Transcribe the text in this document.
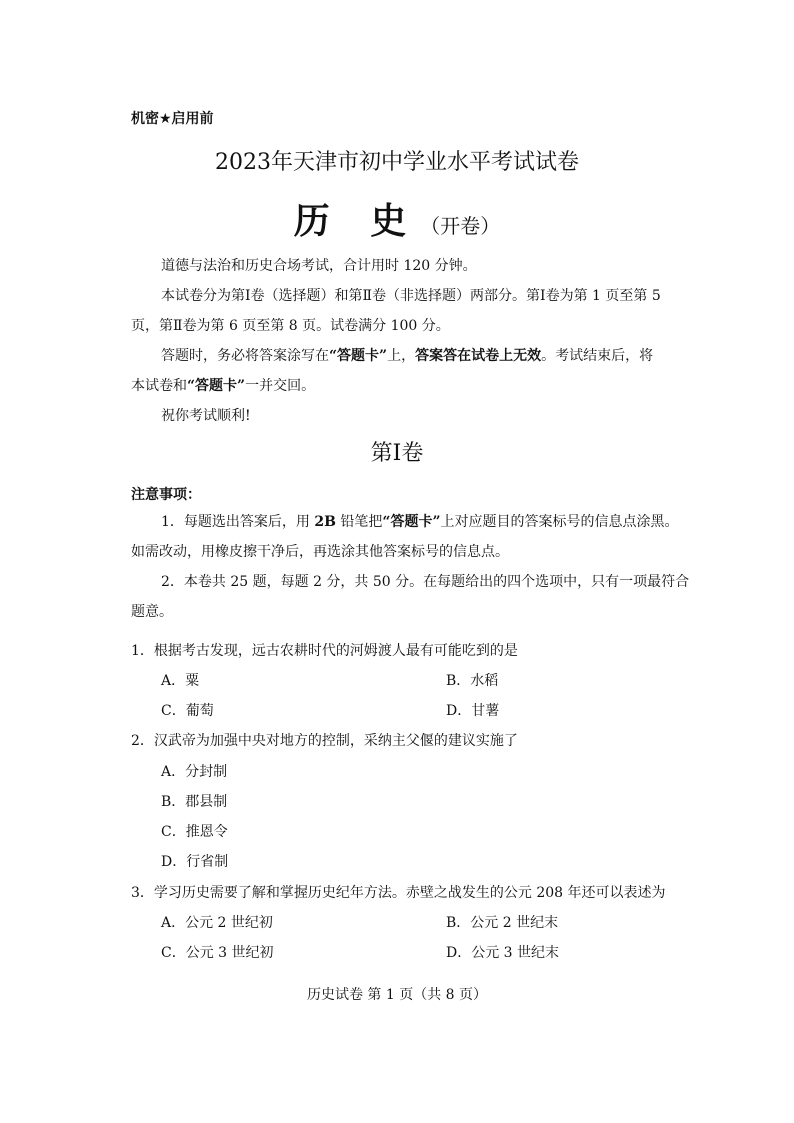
机密★启用前
2023年天津市初中学业水平考试试卷
历 史（开卷）
道德与法治和历史合场考试，合计用时 120 分钟。
本试卷分为第Ⅰ卷（选择题）和第Ⅱ卷（非选择题）两部分。第Ⅰ卷为第 1 页至第 5
页，第Ⅱ卷为第 6 页至第 8 页。试卷满分 100 分。
答题时，务必将答案涂写在“答题卡”上，答案答在试卷上无效。考试结束后，将
本试卷和“答题卡”一并交回。
祝你考试顺利!
第Ⅰ卷
注意事项：
1．每题选出答案后，用 2B 铅笔把“答题卡”上对应题目的答案标号的信息点涂黑。
如需改动，用橡皮擦干净后，再选涂其他答案标号的信息点。
2．本卷共 25 题，每题 2 分，共 50 分。在每题给出的四个选项中，只有一项最符合
题意。
1．根据考古发现，远古农耕时代的河姆渡人最有可能吃到的是
A．粟	B．水稻
C．葡萄	D．甘薯
2．汉武帝为加强中央对地方的控制，采纳主父偃的建议实施了
A．分封制
B．郡县制
C．推恩令
D．行省制
3．学习历史需要了解和掌握历史纪年方法。赤壁之战发生的公元 208 年还可以表述为
A．公元 2 世纪初	B．公元 2 世纪末
C．公元 3 世纪初	D．公元 3 世纪末
历史试卷 第 1 页（共 8 页）
